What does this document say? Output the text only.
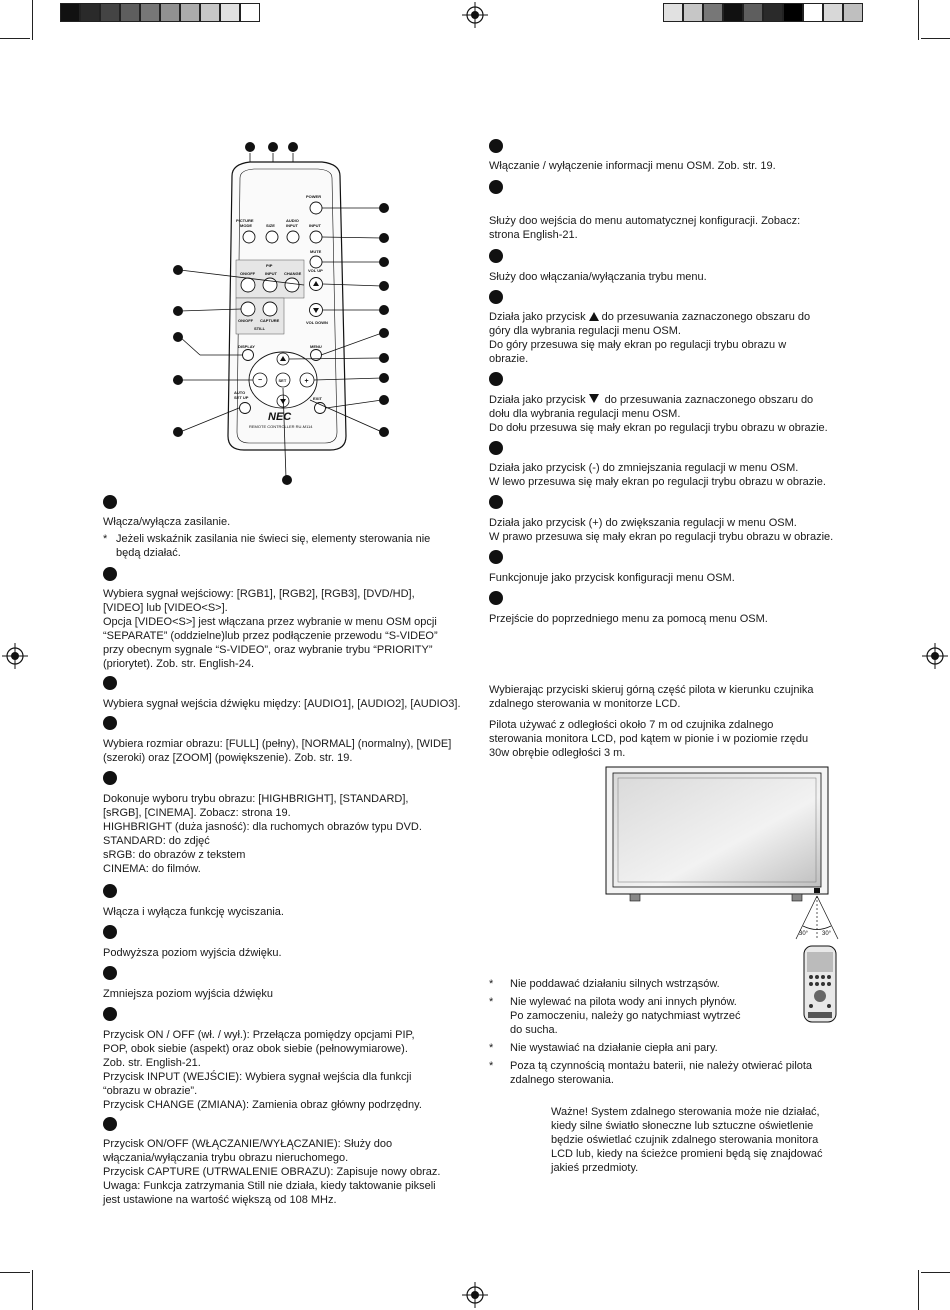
POWER
PICTURE
MODE	SIZE
AUDIO
INPUT	INPUT
MUTE
PIP
ON/OFF INPUT CHANGE
VOL UP
VOL DOWN
ON/OFF CAPTURE
STILL
DISPLAY	MENU
−	+
SET
AUTO
SET UP	EXIT
NEC
REMOTE CONTROLLER RU-M114
Włącza/wyłącza zasilanie.
* Jeżeli wskaźnik zasilania nie świeci się, elementy sterowania nie
będą działać.
Wybiera sygnał wejściowy: [RGB1], [RGB2], [RGB3], [DVD/HD],
[VIDEO] lub [VIDEO<S>].
Opcja [VIDEO<S>] jest włączana przez wybranie w menu OSM opcji
“SEPARATE” (oddzielne)lub przez podłączenie przewodu “S-VIDEO”
przy obecnym sygnale “S-VIDEO”, oraz wybranie trybu “PRIORITY”
(priorytet). Zob. str. English-24.
Wybiera sygnał wejścia dźwięku między: [AUDIO1], [AUDIO2], [AUDIO3].
Wybiera rozmiar obrazu: [FULL] (pełny), [NORMAL] (normalny), [WIDE]
(szeroki) oraz [ZOOM] (powiększenie). Zob. str. 19.
Dokonuje wyboru trybu obrazu: [HIGHBRIGHT], [STANDARD],
[sRGB], [CINEMA]. Zobacz: strona 19.
HIGHBRIGHT (duża jasność): dla ruchomych obrazów typu DVD.
STANDARD: do zdjęć
sRGB: do obrazów z tekstem
CINEMA: do filmów.
Włącza i wyłącza funkcję wyciszania.
Podwyższa poziom wyjścia dźwięku.
Zmniejsza poziom wyjścia dźwięku
Przycisk ON / OFF (wł. / wył.): Przełącza pomiędzy opcjami PIP,
POP, obok siebie (aspekt) oraz obok siebie (pełnowymiarowe).
Zob. str. English-21.
Przycisk INPUT (WEJŚCIE): Wybiera sygnał wejścia dla funkcji
“obrazu w obrazie”.
Przycisk CHANGE (ZMIANA): Zamienia obraz główny podrzędny.
Przycisk ON/OFF (WŁĄCZANIE/WYŁĄCZANIE): Służy doo
włączania/wyłączania trybu obrazu nieruchomego.
Przycisk CAPTURE (UTRWALENIE OBRAZU): Zapisuje nowy obraz.
Uwaga: Funkcja zatrzymania Still nie działa, kiedy taktowanie pikseli
jest ustawione na wartość większą od 108 MHz.
Włączanie / wyłączenie informacji menu OSM. Zob. str. 19.
Służy doo wejścia do menu automatycznej konfiguracji. Zobacz:
strona English-21.
Służy doo włączania/wyłączania trybu menu.
Działa jako przycisk do przesuwania zaznaczonego obszaru do
góry dla wybrania regulacji menu OSM.
Do góry przesuwa się mały ekran po regulacji trybu obrazu w
obrazie.
Działa jako przycisk do przesuwania zaznaczonego obszaru do
dołu dla wybrania regulacji menu OSM.
Do dołu przesuwa się mały ekran po regulacji trybu obrazu w obrazie.
Działa jako przycisk (-) do zmniejszania regulacji w menu OSM.
W lewo przesuwa się mały ekran po regulacji trybu obrazu w obrazie.
Działa jako przycisk (+) do zwiększania regulacji w menu OSM.
W prawo przesuwa się mały ekran po regulacji trybu obrazu w obrazie.
Funkcjonuje jako przycisk konfiguracji menu OSM.
Przejście do poprzedniego menu za pomocą menu OSM.
Wybierając przyciski skieruj górną część pilota w kierunku czujnika
zdalnego sterowania w monitorze LCD.
Pilota używać z odległości około 7 m od czujnika zdalnego
sterowania monitora LCD, pod kątem w pionie i w poziomie rzędu
30w obrębie odległości 3 m.
30° 30°
* Nie poddawać działaniu silnych wstrząsów.
* Nie wylewać na pilota wody ani innych płynów.
Po zamoczeniu, należy go natychmiast wytrzeć
do sucha.
* Nie wystawiać na działanie ciepła ani pary.
* Poza tą czynnością montażu baterii, nie należy otwierać pilota
zdalnego sterowania.
Ważne! System zdalnego sterowania może nie działać,
kiedy silne światło słoneczne lub sztuczne oświetlenie
będzie oświetlać czujnik zdalnego sterowania monitora
LCD lub, kiedy na ścieżce promieni będą się znajdować
jakieś przedmioty.
